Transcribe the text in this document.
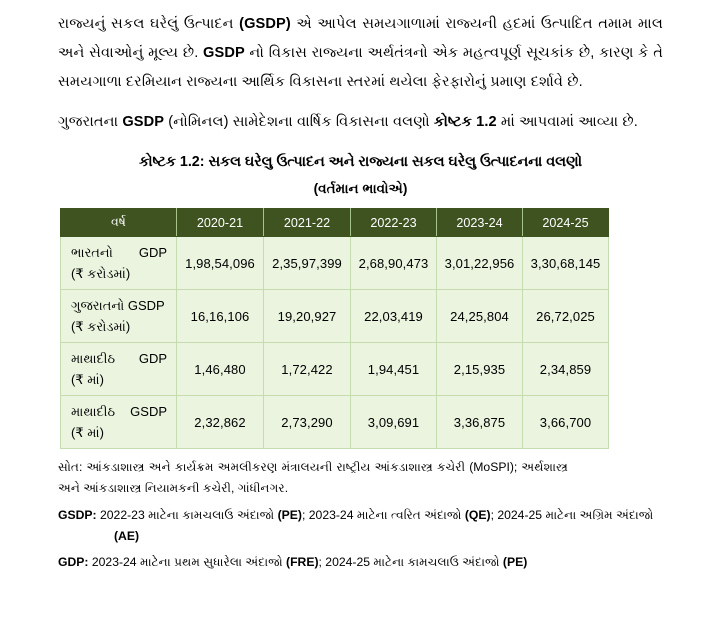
રાજ્યનું સકલ ઘરેલું ઉત્પાદન (GSDP) એ આપેલ સમયગાળામાં રાજ્યની હદમાં ઉત્પાદિત તમામ માલ અને સેવાઓનું મૂલ્ય છે. GSDP નો વિકાસ રાજ્યના અર્થતંત્રનો એક મહત્વપૂર્ણ સૂચકાંક છે, કારણ કે તે સમયગાળા દરમિયાન રાજ્યના આર્થિક વિકાસના સ્તરમાં થયેલા ફેરફારોનું પ્રમાણ દર્શાવે છે.

ગુજરાતના GSDP (નોમિનલ) સામેદેશના વાર્ષિક વિકાસના વલણો કોષ્ટક 1.2 માં આપવામાં આવ્યા છે.

કોષ્ટક 1.2: સકલ ઘરેલુ ઉત્પાદન અને રાજ્યના સકલ ઘરેલુ ઉત્પાદનના વલણો
(વર્તમાન ભાવોએ)
વર્ષ	2020-21	2021-22	2022-23	2023-24	2024-25

ભારતનો GDP
(₹ કરોડમાં)	1,98,54,096	2,35,97,399	2,68,90,473	3,01,22,956	3,30,68,145

ગુજરાતનો GSDP
(₹ કરોડમાં)	16,16,106	19,20,927	22,03,419	24,25,804	26,72,025

માથાદીઠ GDP
(₹ માં)	1,46,480	1,72,422	1,94,451	2,15,935	2,34,859

માથાદીઠ GSDP
(₹ માં)	2,32,862	2,73,290	3,09,691	3,36,875	3,66,700

સોત: આંકડાશાસ્ત્ર અને કાર્યક્રમ અમલીકરણ મંત્રાલયની રાષ્ટ્રીય આંકડાશાસ્ત્ર કચેરી (MoSPI); અર્થશાસ્ત્ર અને આંકડાશાસ્ત્ર નિયામકની કચેરી, ગાંધીનગર.

GSDP: 2022-23 માટેના કામચલાઉ અંદાજો (PE); 2023-24 માટેના ત્વરિત અંદાજો (QE); 2024-25 માટેના અગ્રિમ અંદાજો (AE)

GDP: 2023-24 માટેના પ્રથમ સુધારેલા અંદાજો (FRE); 2024-25 માટેના કામચલાઉ અંદાજો (PE)
